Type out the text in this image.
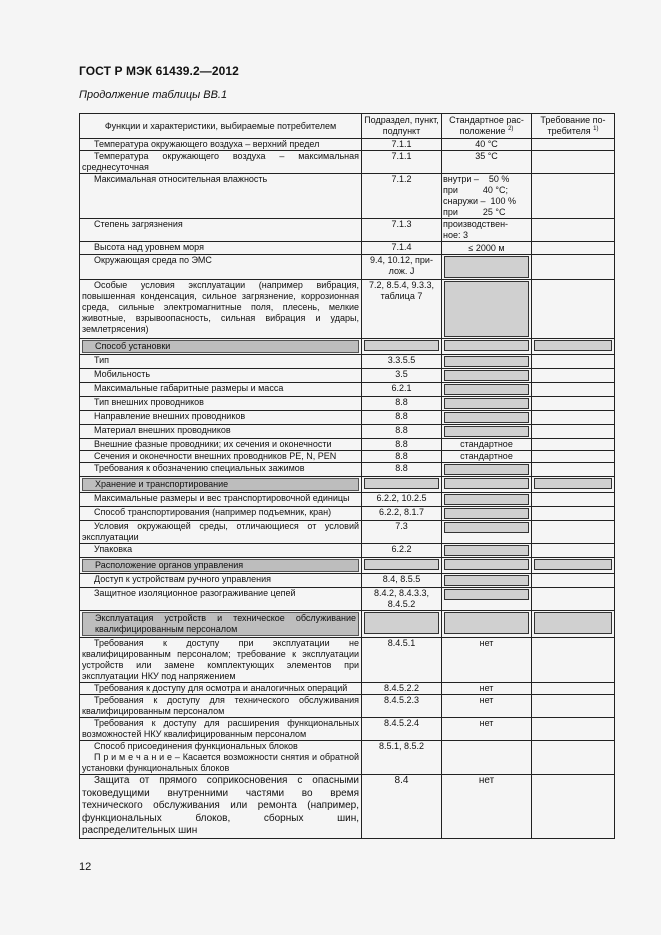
ГОСТ Р МЭК 61439.2—2012
Продолжение таблицы ВВ.1
Функции и характеристики, выбираемые потребителем	Подраздел, пункт, подпункт	Стандартное рас-положение $^{2)}$	Требование по-требителя $^{1)}$
Температура окружающего воздуха – верхний предел	7.1.1	40 °C	

Температура окружающего воздуха – максимальная среднесуточная	7.1.1	35 °C	

Максимальная относительная влажность	7.1.2	внутри –    50 %
при          40 °C;
снаружи –  100 %
при          25 °C	

Степень загрязнения	7.1.3	производствен-
ное: 3	

Высота над уровнем моря	7.1.4	≤ 2000 м	

Окружающая среда по ЭМС	9.4, 10.12, при-
лож. J		

Особые условия эксплуатации (например вибрация, повышенная конденсация, сильное загрязнение, коррозионная среда, сильные электромагнитные поля, плесень, мелкие животные, взрывоопасность, сильная вибрация и удары, землетрясения)	7.2, 8.5.4, 9.3.3,
таблица 7		

Способ установки			

Тип	3.3.5.5		

Мобильность	3.5		

Максимальные габаритные размеры и масса	6.2.1		

Тип внешних проводников	8.8		

Направление внешних проводников	8.8		

Материал внешних проводников	8.8		

Внешние фазные проводники; их сечения и оконечности	8.8	стандартное	

Сечения и оконечности внешних проводников PE, N, PEN	8.8	стандартное	

Требования к обозначению специальных зажимов	8.8		

Хранение и транспортирование			

Максимальные размеры и вес транспортировочной единицы	6.2.2, 10.2.5		

Способ транспортирования (например подъемник, кран)	6.2.2, 8.1.7		

Условия окружающей среды, отличающиеся от условий эксплуатации	7.3		

Упаковка	6.2.2		

Расположение органов управления			

Доступ к устройствам ручного управления	8.4, 8.5.5		

Защитное изоляционное разограживание цепей	8.4.2, 8.4.3.3,
8.4.5.2		

Эксплуатация устройств и техническое обслуживание квалифицированным персоналом			

Требования к доступу при эксплуатации не квалифицированным персоналом; требование к эксплуатации устройств или замене комплектующих элементов при эксплуатации НКУ под напряжением	8.4.5.1	нет	

Требования к доступу для осмотра и аналогичных операций	8.4.5.2.2	нет	

Требования к доступу для технического обслуживания квалифицированным персоналом	8.4.5.2.3	нет	

Требования к доступу для расширения функциональных возможностей НКУ квалифицированным персоналом	8.4.5.2.4	нет	

Способ присоединения функциональных блоков
П р и м е ч а н и е – Касается возможности снятия и обратной установки функциональных блоков	8.5.1, 8.5.2		

Защита от прямого соприкосновения с опасными токоведущими внутренними частями во время технического обслуживания или ремонта (например, функциональных блоков, сборных шин, распределительных шин	8.4	нет	

12
